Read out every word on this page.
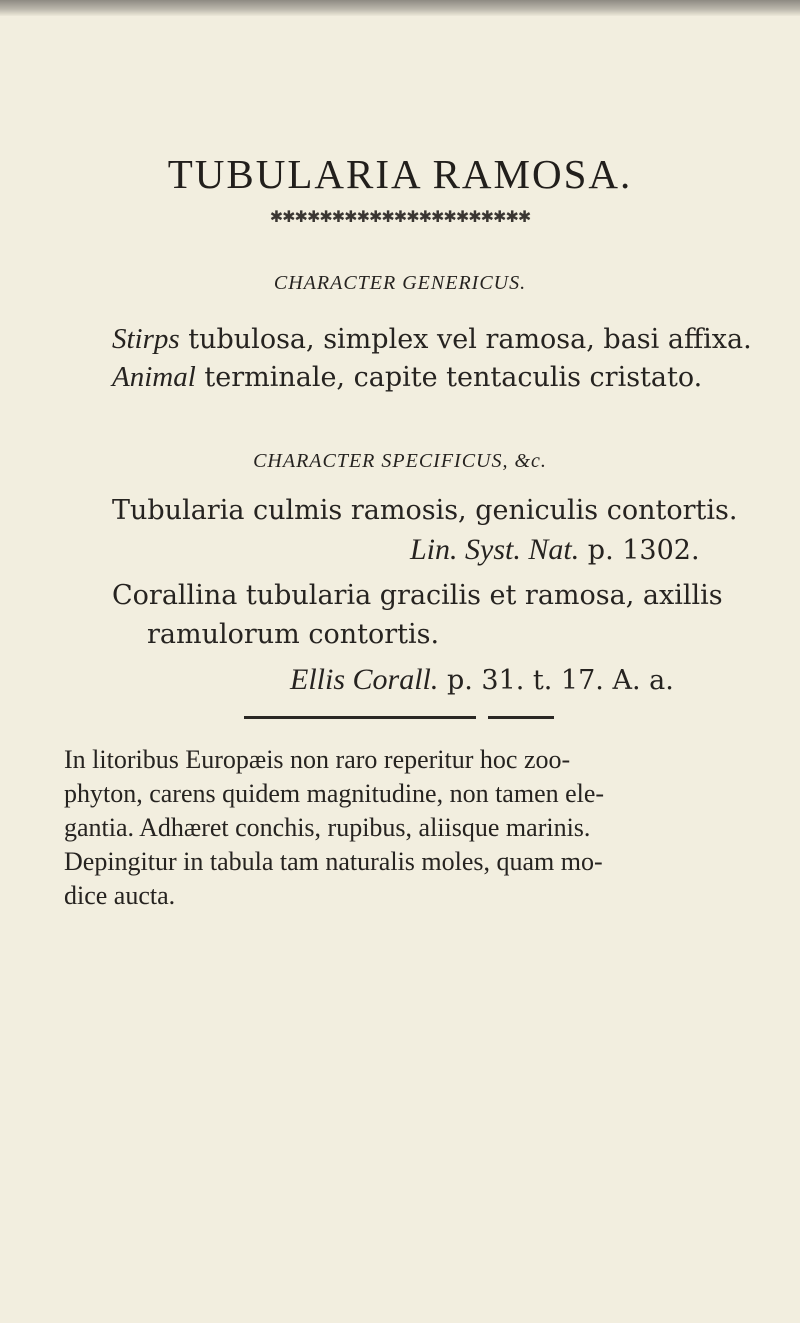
TUBULARIA RAMOSA.
✱✱✱✱✱✱✱✱✱✱✱✱✱✱✱✱✱✱✱✱✱
CHARACTER GENERICUS.
Stirps tubulosa, simplex vel ramosa, basi affixa.
Animal terminale, capite tentaculis cristato.
CHARACTER SPECIFICUS, &c.
Tubularia culmis ramosis, geniculis contortis.
Lin. Syst. Nat. p. 1302.
Corallina tubularia gracilis et ramosa, axillis
ramulorum contortis.
Ellis Corall. p. 31. t. 17. A. a.
In litoribus Europæis non raro reperitur hoc zoo-
phyton, carens quidem magnitudine, non tamen ele-
gantia. Adhæret conchis, rupibus, aliisque marinis.
Depingitur in tabula tam naturalis moles, quam mo-
dice aucta.
